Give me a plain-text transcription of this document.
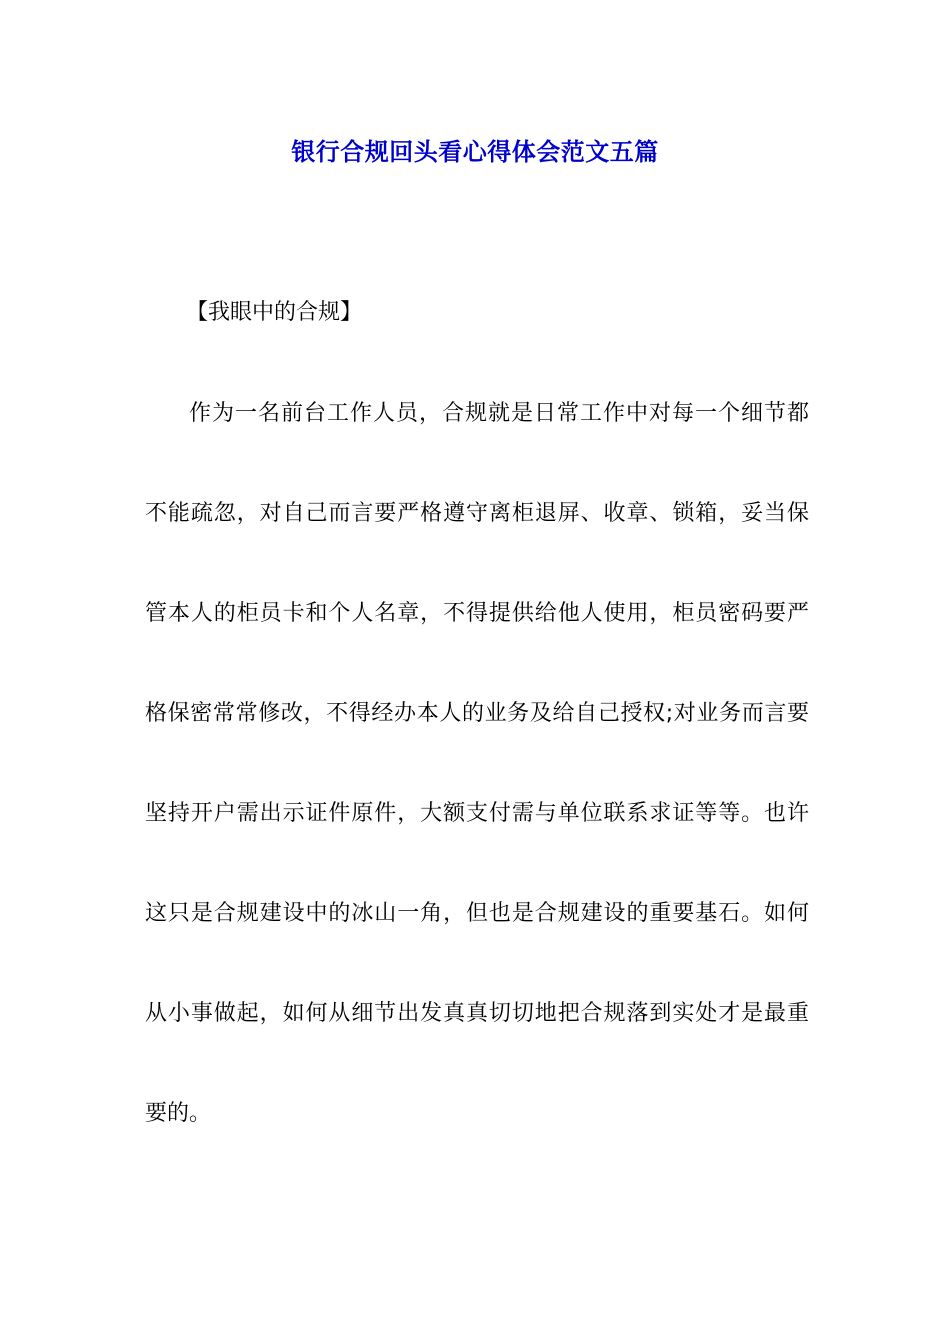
银行合规回头看心得体会范文五篇
【我眼中的合规】
作为一名前台工作人员，合规就是日常工作中对每一个细节都
不能疏忽，对自己而言要严格遵守离柜退屏、收章、锁箱，妥当保
管本人的柜员卡和个人名章，不得提供给他人使用，柜员密码要严
格保密常常修改，不得经办本人的业务及给自己授权;对业务而言要
坚持开户需出示证件原件，大额支付需与单位联系求证等等。也许
这只是合规建设中的冰山一角，但也是合规建设的重要基石。如何
从小事做起，如何从细节出发真真切切地把合规落到实处才是最重
要的。
